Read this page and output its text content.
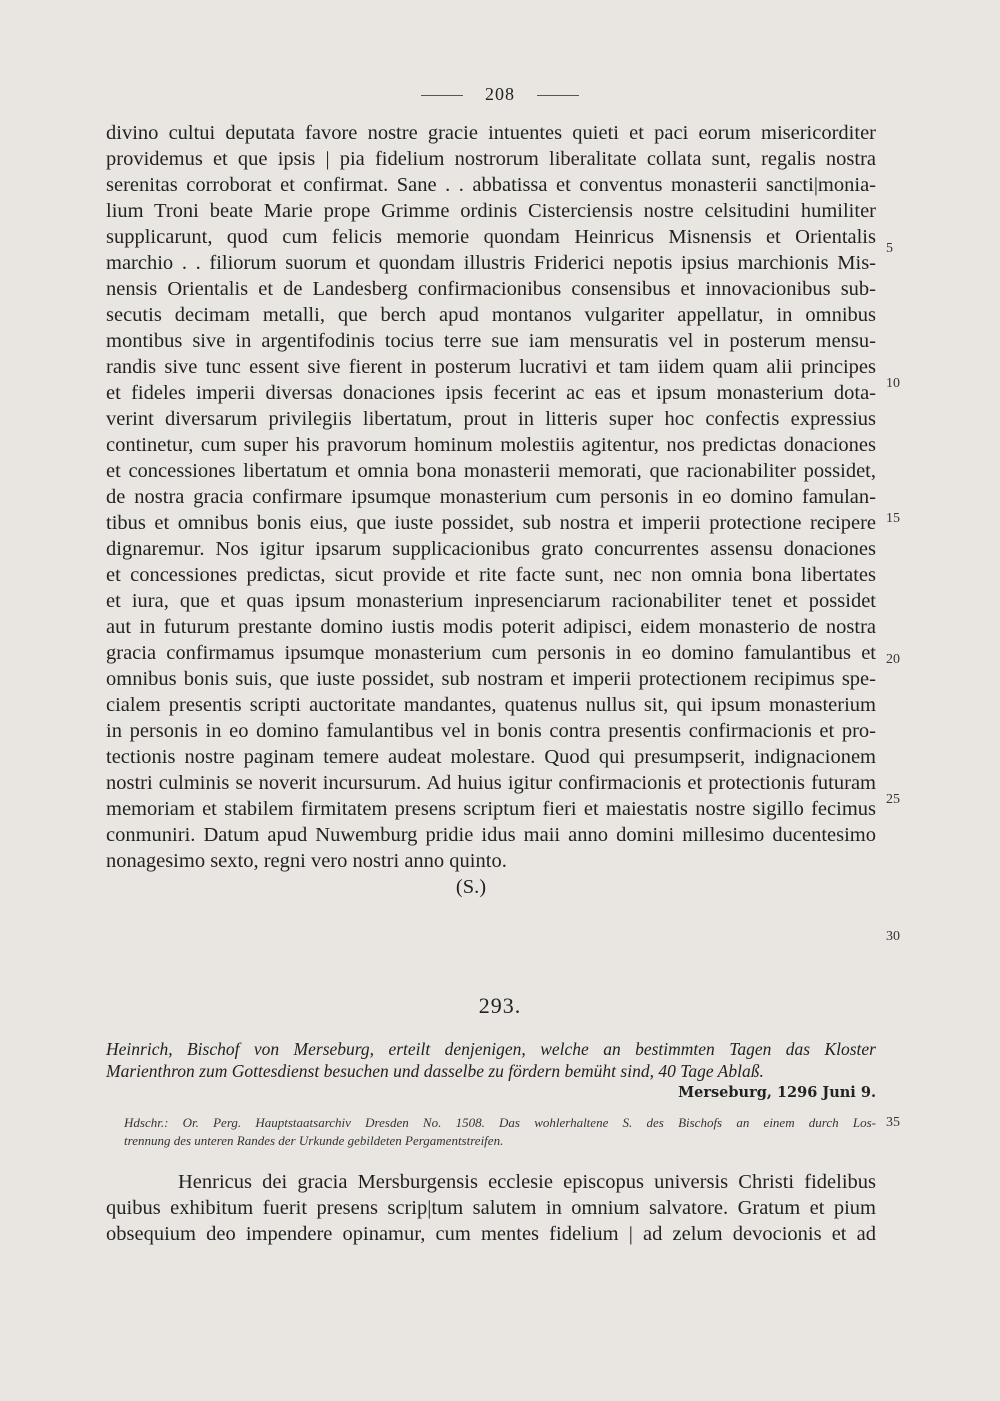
208
divino cultui deputata favore nostre gracie intuentes quieti et paci eorum misericorditer
providemus et que ipsis | pia fidelium nostrorum liberalitate collata sunt, regalis nostra
serenitas corroborat et confirmat. Sane . . abbatissa et conventus monasterii sancti|monia-
lium Troni beate Marie prope Grimme ordinis Cisterciensis nostre celsitudini humiliter
supplicarunt, quod cum felicis memorie quondam Heinricus Misnensis et Orientalis
marchio . . filiorum suorum et quondam illustris Friderici nepotis ipsius marchionis Mis-
nensis Orientalis et de Landesberg confirmacionibus consensibus et innovacionibus sub-
secutis decimam metalli, que berch apud montanos vulgariter appellatur, in omnibus
montibus sive in argentifodinis tocius terre sue iam mensuratis vel in posterum mensu-
randis sive tunc essent sive fierent in posterum lucrativi et tam iidem quam alii principes
et fideles imperii diversas donaciones ipsis fecerint ac eas et ipsum monasterium dota-
verint diversarum privilegiis libertatum, prout in litteris super hoc confectis expressius
continetur, cum super his pravorum hominum molestiis agitentur, nos predictas donaciones
et concessiones libertatum et omnia bona monasterii memorati, que racionabiliter possidet,
de nostra gracia confirmare ipsumque monasterium cum personis in eo domino famulan-
tibus et omnibus bonis eius, que iuste possidet, sub nostra et imperii protectione recipere
dignaremur. Nos igitur ipsarum supplicacionibus grato concurrentes assensu donaciones
et concessiones predictas, sicut provide et rite facte sunt, nec non omnia bona libertates
et iura, que et quas ipsum monasterium inpresenciarum racionabiliter tenet et possidet
aut in futurum prestante domino iustis modis poterit adipisci, eidem monasterio de nostra
gracia confirmamus ipsumque monasterium cum personis in eo domino famulantibus et
omnibus bonis suis, que iuste possidet, sub nostram et imperii protectionem recipimus spe-
cialem presentis scripti auctoritate mandantes, quatenus nullus sit, qui ipsum monasterium
in personis in eo domino famulantibus vel in bonis contra presentis confirmacionis et pro-
tectionis nostre paginam temere audeat molestare. Quod qui presumpserit, indignacionem
nostri culminis se noverit incursurum. Ad huius igitur confirmacionis et protectionis futuram
memoriam et stabilem firmitatem presens scriptum fieri et maiestatis nostre sigillo fecimus
conmuniri. Datum apud Nuwemburg pridie idus maii anno domini millesimo ducentesimo
nonagesimo sexto, regni vero nostri anno quinto.
(S.)
5
10
15
20
25
30
35
293.
Heinrich, Bischof von Merseburg, erteilt denjenigen, welche an bestimmten Tagen das Kloster
Marienthron zum Gottesdienst besuchen und dasselbe zu fördern bemüht sind, 40 Tage Ablaß.
Merseburg, 1296 Juni 9.
Hdschr.: Or. Perg. Hauptstaatsarchiv Dresden No. 1508. Das wohlerhaltene S. des Bischofs an einem durch Los-
trennung des unteren Randes der Urkunde gebildeten Pergamentstreifen.
Henricus dei gracia Mersburgensis ecclesie episcopus universis Christi fidelibus
quibus exhibitum fuerit presens scrip|tum salutem in omnium salvatore. Gratum et pium
obsequium deo impendere opinamur, cum mentes fidelium | ad zelum devocionis et ad
